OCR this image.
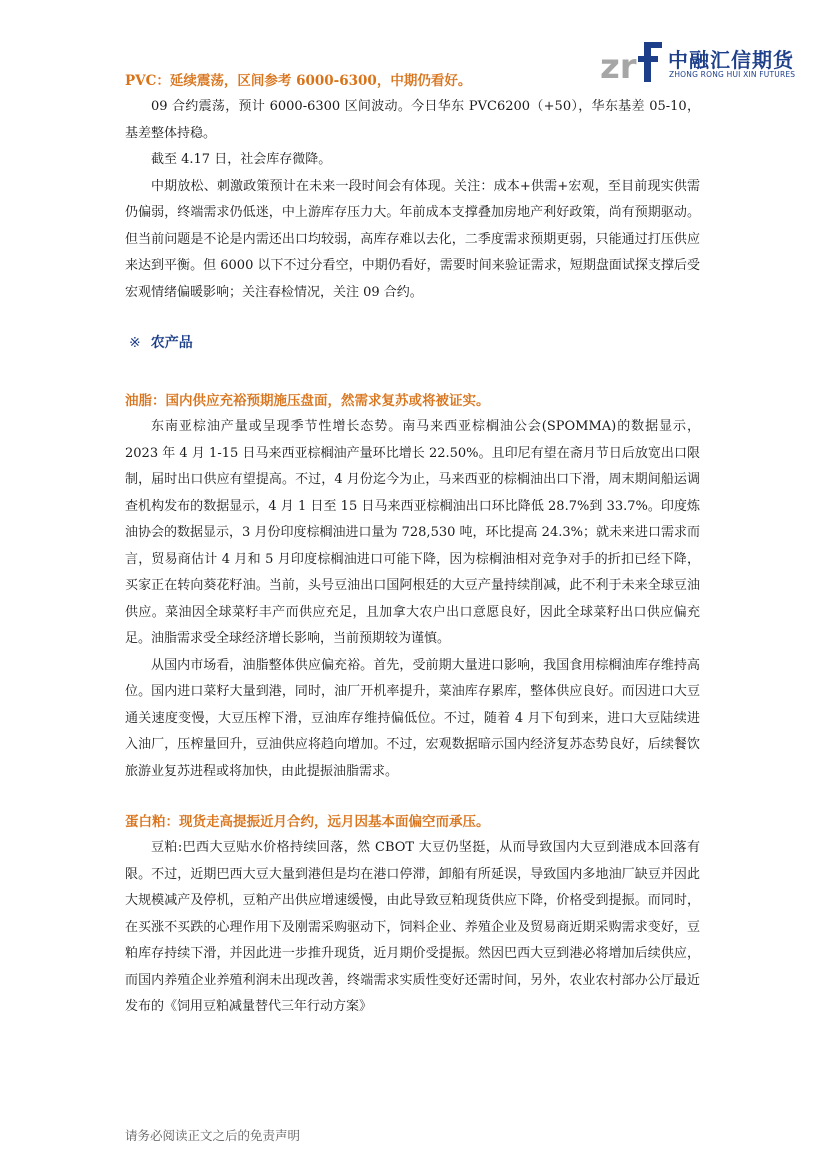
zr 中融汇信期货
ZHONG RONG HUI XIN FUTURES

PVC：延续震荡，区间参考 6000-6300，中期仍看好。

09 合约震荡，预计 6000-6300 区间波动。今日华东 PVC6200（+50），华东基差 05-10，基差整体持稳。

截至 4.17 日，社会库存微降。

中期放松、刺激政策预计在未来一段时间会有体现。关注：成本+供需+宏观，至目前现实供需仍偏弱，终端需求仍低迷，中上游库存压力大。年前成本支撑叠加房地产利好政策，尚有预期驱动。但当前问题是不论是内需还出口均较弱，高库存难以去化，二季度需求预期更弱，只能通过打压供应来达到平衡。但 6000 以下不过分看空，中期仍看好，需要时间来验证需求，短期盘面试探支撑后受宏观情绪偏暖影响；关注春检情况，关注 09 合约。

※ 农产品

油脂：国内供应充裕预期施压盘面，然需求复苏或将被证实。

东南亚棕油产量或呈现季节性增长态势。南马来西亚棕榈油公会(SPOMMA)的数据显示，2023 年 4 月 1-15 日马来西亚棕榈油产量环比增长 22.50%。且印尼有望在斋月节日后放宽出口限制，届时出口供应有望提高。不过，4 月份迄今为止，马来西亚的棕榈油出口下滑，周末期间船运调查机构发布的数据显示，4 月 1 日至 15 日马来西亚棕榈油出口环比降低 28.7%到 33.7%。印度炼油协会的数据显示，3 月份印度棕榈油进口量为 728,530 吨，环比提高 24.3%；就未来进口需求而言，贸易商估计 4 月和 5 月印度棕榈油进口可能下降，因为棕榈油相对竞争对手的折扣已经下降，买家正在转向葵花籽油。当前，头号豆油出口国阿根廷的大豆产量持续削减，此不利于未来全球豆油供应。菜油因全球菜籽丰产而供应充足，且加拿大农户出口意愿良好，因此全球菜籽出口供应偏充足。油脂需求受全球经济增长影响，当前预期较为谨慎。

从国内市场看，油脂整体供应偏充裕。首先，受前期大量进口影响，我国食用棕榈油库存维持高位。国内进口菜籽大量到港，同时，油厂开机率提升，菜油库存累库，整体供应良好。而因进口大豆通关速度变慢，大豆压榨下滑，豆油库存维持偏低位。不过，随着 4 月下旬到来，进口大豆陆续进入油厂，压榨量回升，豆油供应将趋向增加。不过，宏观数据暗示国内经济复苏态势良好，后续餐饮旅游业复苏进程或将加快，由此提振油脂需求。

蛋白粕：现货走高提振近月合约，远月因基本面偏空而承压。

豆粕:巴西大豆贴水价格持续回落，然 CBOT 大豆仍坚挺，从而导致国内大豆到港成本回落有限。不过，近期巴西大豆大量到港但是均在港口停滞，卸船有所延误，导致国内多地油厂缺豆并因此大规模减产及停机，豆粕产出供应增速缓慢，由此导致豆粕现货供应下降，价格受到提振。而同时，在买涨不买跌的心理作用下及刚需采购驱动下，饲料企业、养殖企业及贸易商近期采购需求变好，豆粕库存持续下滑，并因此进一步推升现货，近月期价受提振。然因巴西大豆到港必将增加后续供应，而国内养殖企业养殖利润未出现改善，终端需求实质性变好还需时间，另外，农业农村部办公厅最近发布的《饲用豆粕减量替代三年行动方案》

请务必阅读正文之后的免责声明
